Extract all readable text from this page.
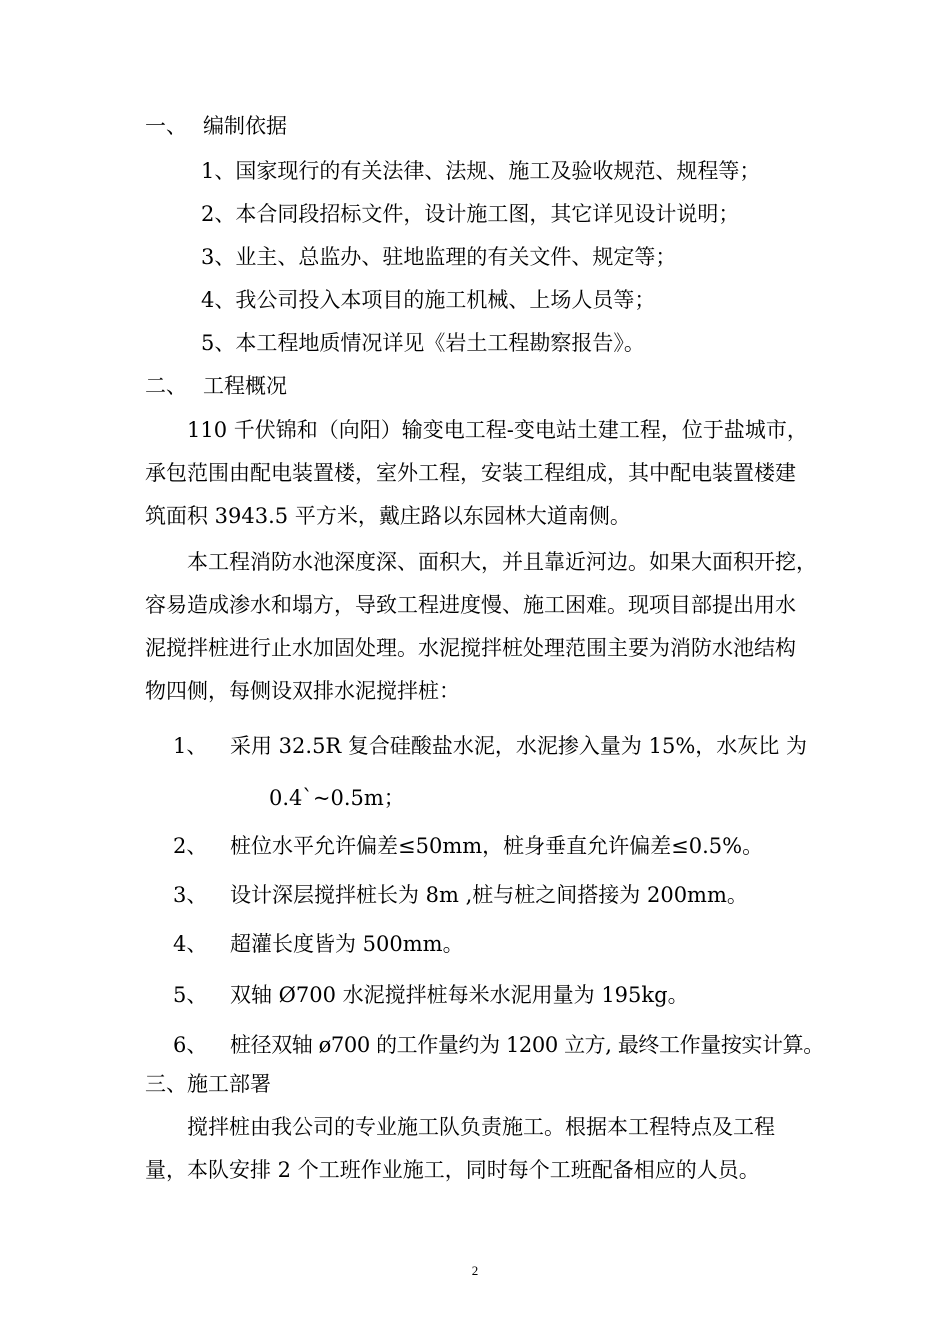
一、 编制依据
1、国家现行的有关法律、法规、施工及验收规范、规程等；
2、本合同段招标文件，设计施工图，其它详见设计说明；
3、业主、总监办、驻地监理的有关文件、规定等；
4、我公司投入本项目的施工机械、上场人员等；
5、本工程地质情况详见《岩土工程勘察报告》。
二、 工程概况
110 千伏锦和（向阳）输变电工程-变电站土建工程，位于盐城市，
承包范围由配电装置楼，室外工程，安装工程组成，其中配电装置楼建
筑面积 3943.5 平方米，戴庄路以东园林大道南侧。
本工程消防水池深度深、面积大，并且靠近河边。如果大面积开挖，
容易造成渗水和塌方，导致工程进度慢、施工困难。现项目部提出用水
泥搅拌桩进行止水加固处理。水泥搅拌桩处理范围主要为消防水池结构
物四侧，每侧设双排水泥搅拌桩：
1、 采用 32.5R 复合硅酸盐水泥，水泥掺入量为 15%，水灰比 为
0.4`~0.5m；
2、 桩位水平允许偏差≤50mm，桩身垂直允许偏差≤0.5%。
3、 设计深层搅拌桩长为 8m ,桩与桩之间搭接为 200mm。
4、 超灌长度皆为 500mm。
5、 双轴 Ø700 水泥搅拌桩每米水泥用量为 195kg。
6、 桩径双轴 ø700 的工作量约为 1200 立方, 最终工作量按实计算。
三、施工部署
搅拌桩由我公司的专业施工队负责施工。根据本工程特点及工程
量，本队安排 2 个工班作业施工，同时每个工班配备相应的人员。
2
